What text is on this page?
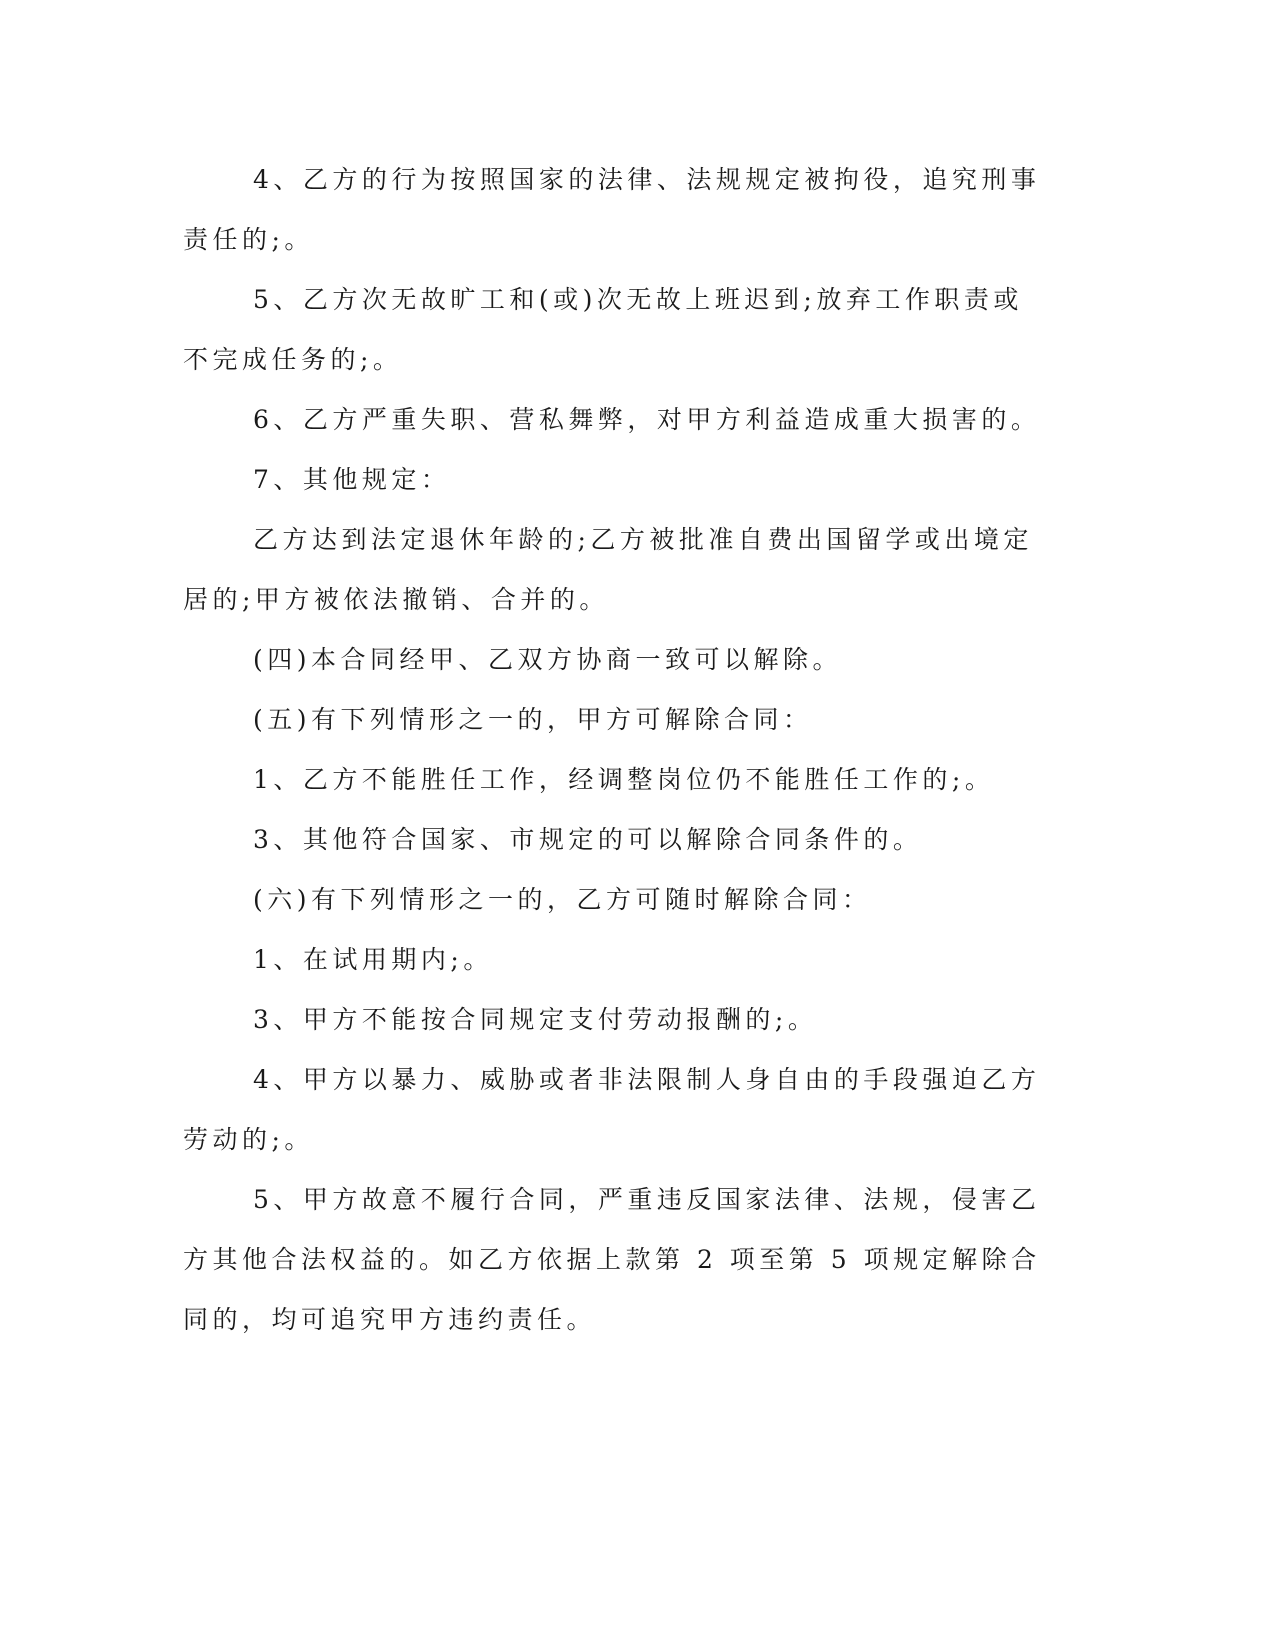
4、乙方的行为按照国家的法律、法规规定被拘役，追究刑事责任的;。

5、乙方次无故旷工和(或)次无故上班迟到;放弃工作职责或不完成任务的;。

6、乙方严重失职、营私舞弊，对甲方利益造成重大损害的。

7、其他规定：

乙方达到法定退休年龄的;乙方被批准自费出国留学或出境定居的;甲方被依法撤销、合并的。

(四)本合同经甲、乙双方协商一致可以解除。

(五)有下列情形之一的，甲方可解除合同：

1、乙方不能胜任工作，经调整岗位仍不能胜任工作的;。

3、其他符合国家、市规定的可以解除合同条件的。

(六)有下列情形之一的，乙方可随时解除合同：

1、在试用期内;。

3、甲方不能按合同规定支付劳动报酬的;。

4、甲方以暴力、威胁或者非法限制人身自由的手段强迫乙方劳动的;。

5、甲方故意不履行合同，严重违反国家法律、法规，侵害乙方其他合法权益的。如乙方依据上款第 2 项至第 5 项规定解除合同的，均可追究甲方违约责任。
